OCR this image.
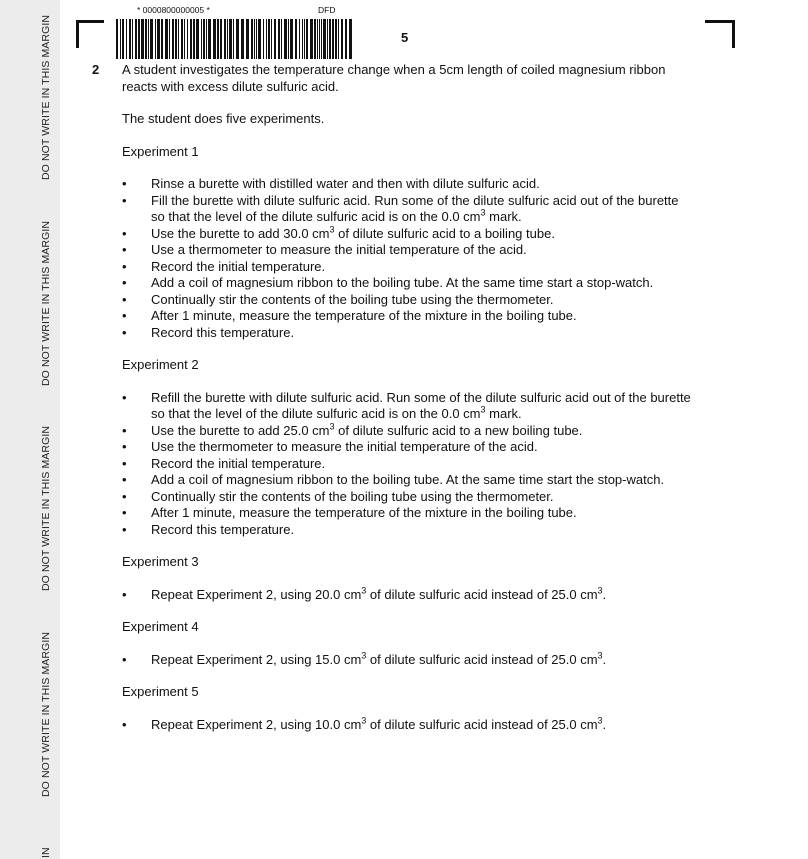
DO NOT WRITE IN THIS MARGIN
DO NOT WRITE IN THIS MARGIN
DO NOT WRITE IN THIS MARGIN
DO NOT WRITE IN THIS MARGIN
IN
* 0000800000005 *	DFD
5
2 A student investigates the temperature change when a 5cm length of coiled magnesium ribbon

reacts with excess dilute sulfuric acid.

The student does five experiments.

Experiment 1

• Rinse a burette with distilled water and then with dilute sulfuric acid.
• Fill the burette with dilute sulfuric acid. Run some of the dilute sulfuric acid out of the burette
so that the level of the dilute sulfuric acid is on the 0.0 $cm^3$ mark.
• Use the burette to add 30.0 $cm^3$ of dilute sulfuric acid to a boiling tube.
• Use a thermometer to measure the initial temperature of the acid.
• Record the initial temperature.
• Add a coil of magnesium ribbon to the boiling tube. At the same time start a stop-watch.
• Continually stir the contents of the boiling tube using the thermometer.
• After 1 minute, measure the temperature of the mixture in the boiling tube.
• Record this temperature.

Experiment 2

• Refill the burette with dilute sulfuric acid. Run some of the dilute sulfuric acid out of the burette
so that the level of the dilute sulfuric acid is on the 0.0 $cm^3$ mark.
• Use the burette to add 25.0 $cm^3$ of dilute sulfuric acid to a new boiling tube.
• Use the thermometer to measure the initial temperature of the acid.
• Record the initial temperature.
• Add a coil of magnesium ribbon to the boiling tube. At the same time start the stop-watch.
• Continually stir the contents of the boiling tube using the thermometer.
• After 1 minute, measure the temperature of the mixture in the boiling tube.
• Record this temperature.

Experiment 3

• Repeat Experiment 2, using 20.0 $cm^3$ of dilute sulfuric acid instead of 25.0 $cm^3$.

Experiment 4

• Repeat Experiment 2, using 15.0 $cm^3$ of dilute sulfuric acid instead of 25.0 $cm^3$.

Experiment 5

• Repeat Experiment 2, using 10.0 $cm^3$ of dilute sulfuric acid instead of 25.0 $cm^3$.
